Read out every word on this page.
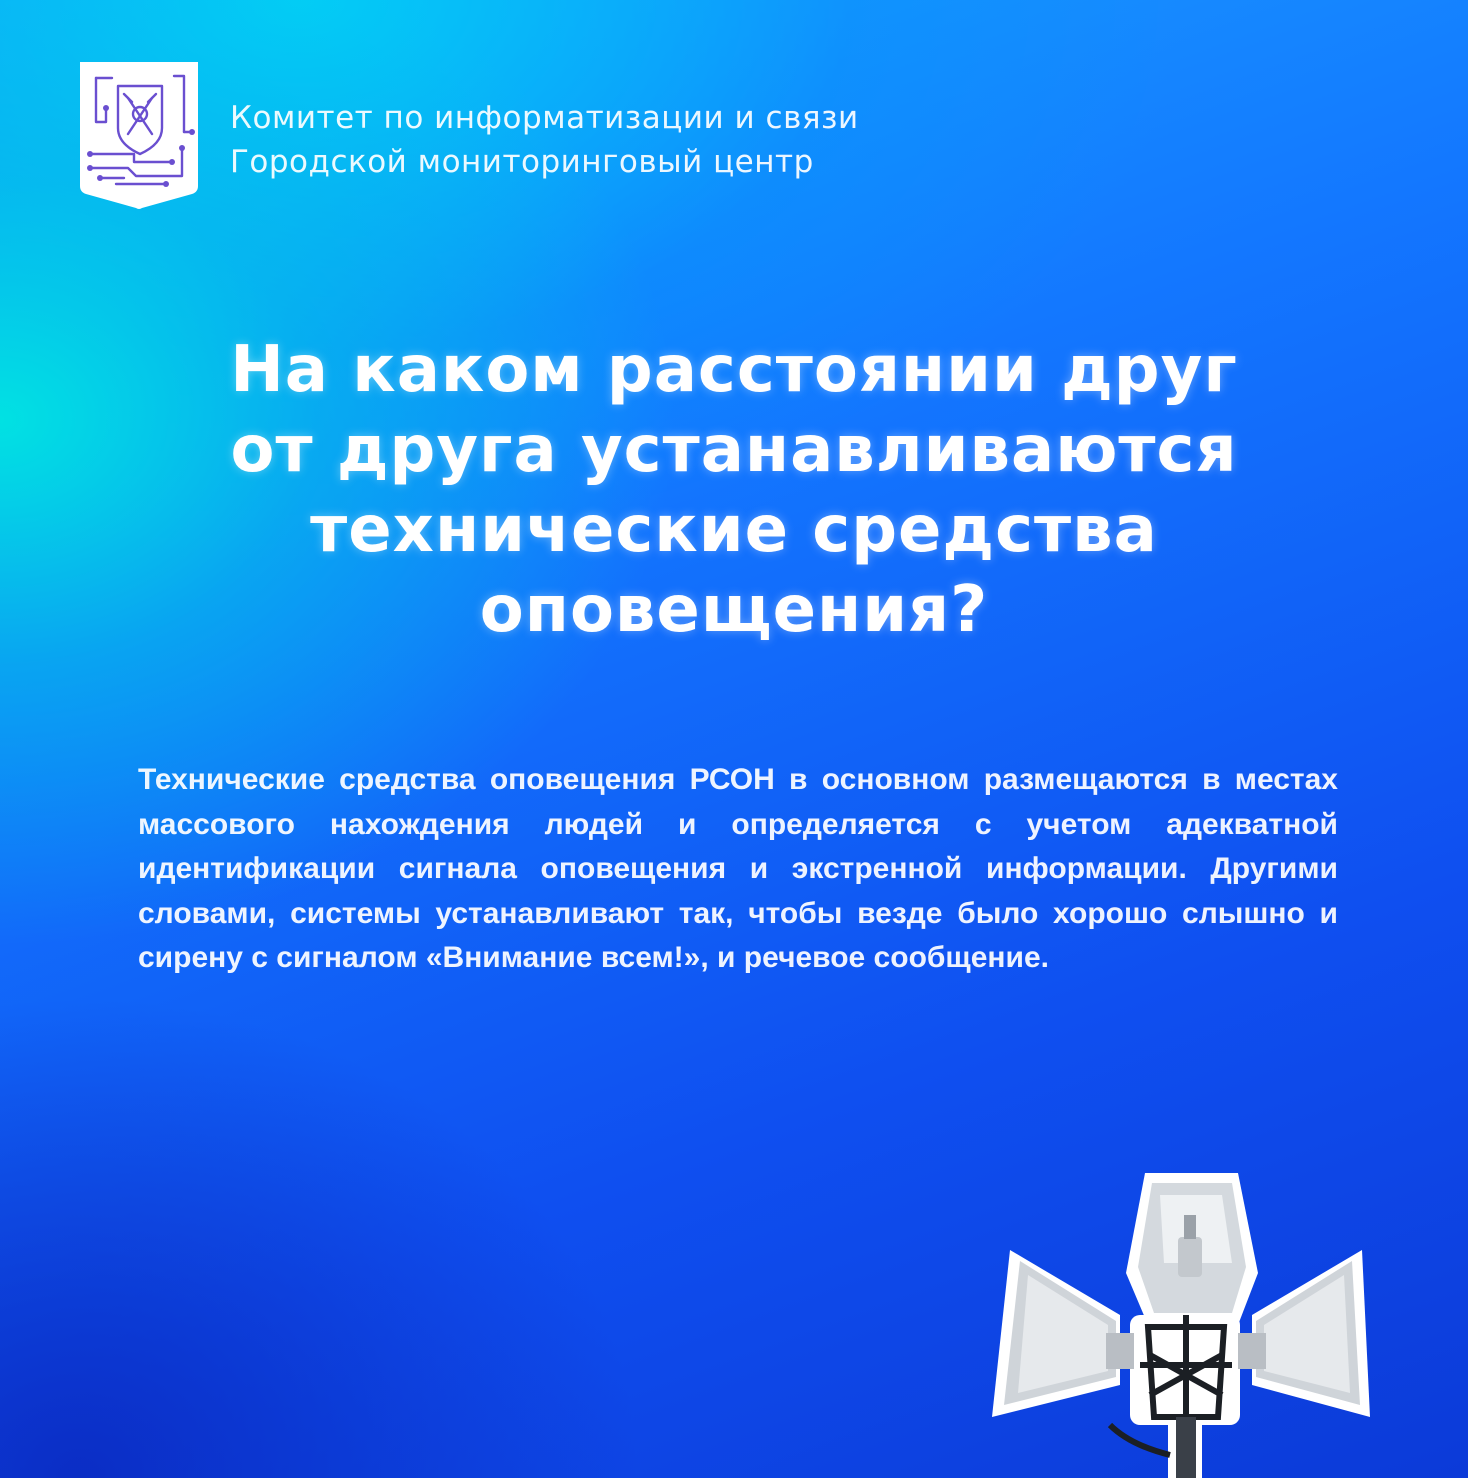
Комитет по информатизации и связи
Городской мониторинговый центр
На каком расстоянии друг
от друга устанавливаются
технические средства
оповещения?
Технические средства оповещения РСОН в основном размещаются в местах массового нахождения людей и определяется с учетом адекватной идентификации сигнала оповещения и экстренной информации. Другими словами, системы устанавливают так, чтобы везде было хорошо слышно и сирену с сигналом «Внимание всем!», и речевое сообщение.
